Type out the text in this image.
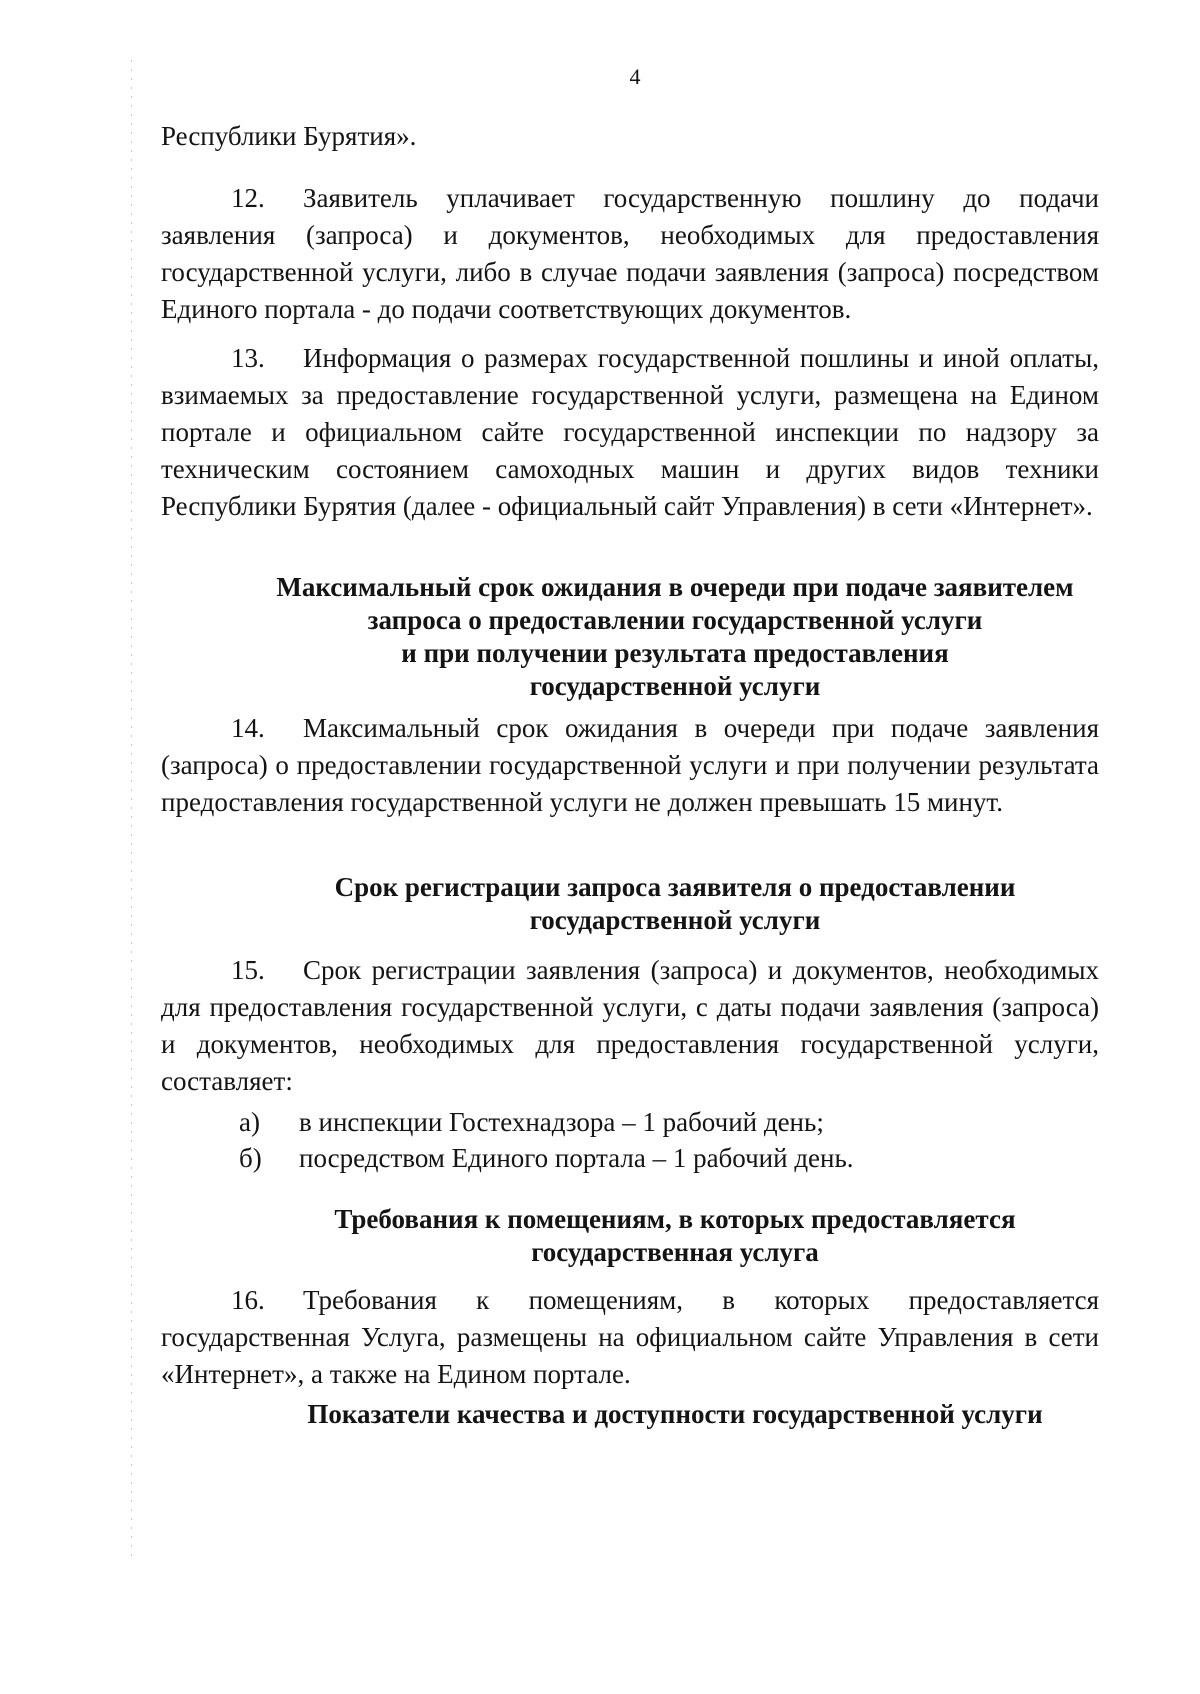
4
Республики Бурятия».
12. Заявитель уплачивает государственную пошлину до подачи заявления (запроса) и документов, необходимых для предоставления государственной услуги, либо в случае подачи заявления (запроса) посредством Единого портала - до подачи соответствующих документов.
13. Информация о размерах государственной пошлины и иной оплаты, взимаемых за предоставление государственной услуги, размещена на Едином портале и официальном сайте государственной инспекции по надзору за техническим состоянием самоходных машин и других видов техники Республики Бурятия (далее - официальный сайт Управления) в сети «Интернет».
Максимальный срок ожидания в очереди при подаче заявителем
запроса о предоставлении государственной услуги
и при получении результата предоставления
государственной услуги
14. Максимальный срок ожидания в очереди при подаче заявления (запроса) о предоставлении государственной услуги и при получении результата предоставления государственной услуги не должен превышать 15 минут.
Срок регистрации запроса заявителя о предоставлении
государственной услуги
15. Срок регистрации заявления (запроса) и документов, необходимых для предоставления государственной услуги, с даты подачи заявления (запроса) и документов, необходимых для предоставления государственной услуги, составляет:
а) в инспекции Гостехнадзора – 1 рабочий день;
б) посредством Единого портала – 1 рабочий день.
Требования к помещениям, в которых предоставляется
государственная услуга
16. Требования к помещениям, в которых предоставляется государственная Услуга, размещены на официальном сайте Управления в сети «Интернет», а также на Едином портале.
Показатели качества и доступности государственной услуги
